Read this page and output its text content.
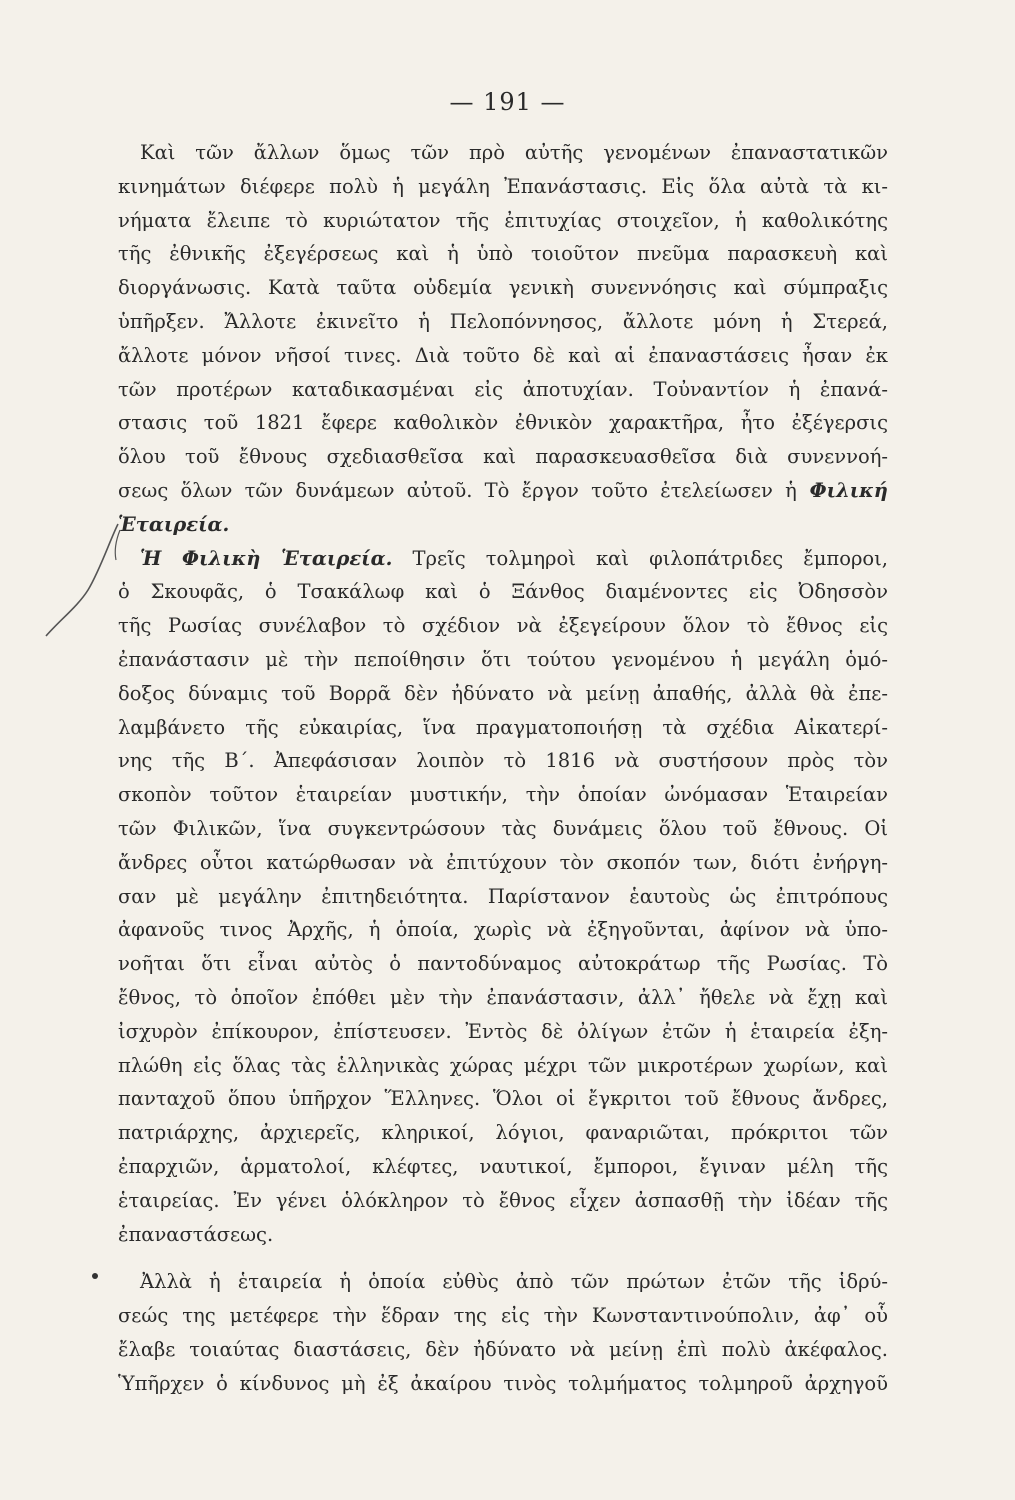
— 191 —
Καὶ τῶν ἄλλων ὅμως τῶν πρὸ αὐτῆς γενομένων ἐπαναστατικῶν
κινημάτων διέφερε πολὺ ἡ μεγάλη Ἐπανάστασις. Εἰς ὅλα αὐτὰ τὰ κι-
νήματα ἔλειπε τὸ κυριώτατον τῆς ἐπιτυχίας στοιχεῖον, ἡ καθολικότης
τῆς ἐθνικῆς ἐξεγέρσεως καὶ ἡ ὑπὸ τοιοῦτον πνεῦμα παρασκευὴ καὶ
διοργάνωσις. Κατὰ ταῦτα οὐδεμία γενικὴ συνεννόησις καὶ σύμπραξις
ὑπῆρξεν. Ἄλλοτε ἐκινεῖτο ἡ Πελοπόννησος, ἄλλοτε μόνη ἡ Στερεά,
ἄλλοτε μόνον νῆσοί τινες. Διὰ τοῦτο δὲ καὶ αἱ ἐπαναστάσεις ἦσαν ἐκ
τῶν προτέρων καταδικασμέναι εἰς ἀποτυχίαν. Τοὐναντίον ἡ ἐπανά-
στασις τοῦ 1821 ἔφερε καθολικὸν ἐθνικὸν χαρακτῆρα, ἦτο ἐξέγερσις
ὅλου τοῦ ἔθνους σχεδιασθεῖσα καὶ παρασκευασθεῖσα διὰ συνεννοή-
σεως ὅλων τῶν δυνάμεων αὐτοῦ. Τὸ ἔργον τοῦτο ἐτελείωσεν ἡ Φιλική
Ἑταιρεία.
Ἡ Φιλικὴ Ἑταιρεία. Τρεῖς τολμηροὶ καὶ φιλοπάτριδες ἔμποροι,
ὁ Σκουφᾶς, ὁ Τσακάλωφ καὶ ὁ Ξάνθος διαμένοντες εἰς Ὀδησσὸν
τῆς Ρωσίας συνέλαβον τὸ σχέδιον νὰ ἐξεγείρουν ὅλον τὸ ἔθνος εἰς
ἐπανάστασιν μὲ τὴν πεποίθησιν ὅτι τούτου γενομένου ἡ μεγάλη ὁμό-
δοξος δύναμις τοῦ Βορρᾶ δὲν ἠδύνατο νὰ μείνῃ ἀπαθής, ἀλλὰ θὰ ἐπε-
λαμβάνετο τῆς εὐκαιρίας, ἵνα πραγματοποιήσῃ τὰ σχέδια Αἰκατερί-
νης τῆς Β΄. Ἀπεφάσισαν λοιπὸν τὸ 1816 νὰ συστήσουν πρὸς τὸν
σκοπὸν τοῦτον ἑταιρείαν μυστικήν, τὴν ὁποίαν ὠνόμασαν Ἑταιρείαν
τῶν Φιλικῶν, ἵνα συγκεντρώσουν τὰς δυνάμεις ὅλου τοῦ ἔθνους. Οἱ
ἄνδρες οὗτοι κατώρθωσαν νὰ ἐπιτύχουν τὸν σκοπόν των, διότι ἐνήργη-
σαν μὲ μεγάλην ἐπιτηδειότητα. Παρίστανον ἑαυτοὺς ὡς ἐπιτρόπους
ἀφανοῦς τινος Ἀρχῆς, ἡ ὁποία, χωρὶς νὰ ἐξηγοῦνται, ἀφίνον νὰ ὑπο-
νοῆται ὅτι εἶναι αὐτὸς ὁ παντοδύναμος αὐτοκράτωρ τῆς Ρωσίας. Τὸ
ἔθνος, τὸ ὁποῖον ἐπόθει μὲν τὴν ἐπανάστασιν, ἀλλ᾽ ἤθελε νὰ ἔχῃ καὶ
ἰσχυρὸν ἐπίκουρον, ἐπίστευσεν. Ἐντὸς δὲ ὀλίγων ἐτῶν ἡ ἑταιρεία ἐξη-
πλώθη εἰς ὅλας τὰς ἑλληνικὰς χώρας μέχρι τῶν μικροτέρων χωρίων, καὶ
πανταχοῦ ὅπου ὑπῆρχον Ἕλληνες. Ὅλοι οἱ ἔγκριτοι τοῦ ἔθνους ἄνδρες,
πατριάρχης, ἀρχιερεῖς, κληρικοί, λόγιοι, φαναριῶται, πρόκριτοι τῶν
ἐπαρχιῶν, ἁρματολοί, κλέφτες, ναυτικοί, ἔμποροι, ἔγιναν μέλη τῆς
ἑταιρείας. Ἐν γένει ὁλόκληρον τὸ ἔθνος εἶχεν ἀσπασθῇ τὴν ἰδέαν τῆς
ἐπαναστάσεως.
Ἀλλὰ ἡ ἑταιρεία ἡ ὁποία εὐθὺς ἀπὸ τῶν πρώτων ἐτῶν τῆς ἱδρύ-
σεώς της μετέφερε τὴν ἕδραν της εἰς τὴν Κωνσταντινούπολιν, ἀφ᾽ οὗ
ἔλαβε τοιαύτας διαστάσεις, δὲν ἠδύνατο νὰ μείνῃ ἐπὶ πολὺ ἀκέφαλος.
Ὑπῆρχεν ὁ κίνδυνος μὴ ἐξ ἀκαίρου τινὸς τολμήματος τολμηροῦ ἀρχηγοῦ
